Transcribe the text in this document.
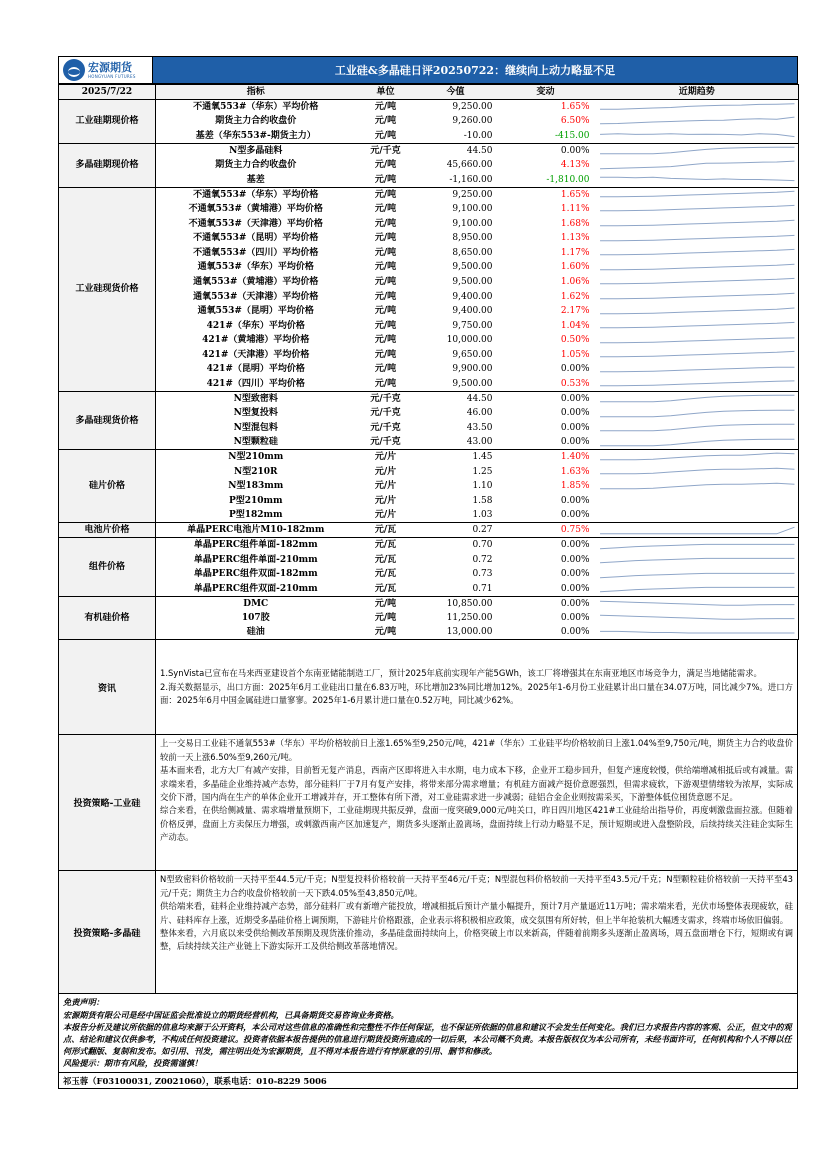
宏源期货
HONGYUAN FUTURES	工业硅&多晶硅日评20250722：继续向上动力略显不足
2025/7/22	指标	单位	今值	变动	近期趋势
工业硅期现价格	不通氧553#（华东）平均价格	元/吨	9,250.00	1.65%	

	期货主力合约收盘价	元/吨	9,260.00	6.50%	

	基差（华东553#-期货主力）	元/吨	-10.00	-415.00	

多晶硅期现价格	N型多晶硅料	元/千克	44.50	0.00%	

	期货主力合约收盘价	元/吨	45,660.00	4.13%	

	基差	元/吨	-1,160.00	-1,810.00	

工业硅现货价格	不通氧553#（华东）平均价格	元/吨	9,250.00	1.65%	

	不通氧553#（黄埔港）平均价格	元/吨	9,100.00	1.11%	

	不通氧553#（天津港）平均价格	元/吨	9,100.00	1.68%	

	不通氧553#（昆明）平均价格	元/吨	8,950.00	1.13%	

	不通氧553#（四川）平均价格	元/吨	8,650.00	1.17%	

	通氧553#（华东）平均价格	元/吨	9,500.00	1.60%	

	通氧553#（黄埔港）平均价格	元/吨	9,500.00	1.06%	

	通氧553#（天津港）平均价格	元/吨	9,400.00	1.62%	

	通氧553#（昆明）平均价格	元/吨	9,400.00	2.17%	

	421#（华东）平均价格	元/吨	9,750.00	1.04%	

	421#（黄埔港）平均价格	元/吨	10,000.00	0.50%	

	421#（天津港）平均价格	元/吨	9,650.00	1.05%	

	421#（昆明）平均价格	元/吨	9,900.00	0.00%	

	421#（四川）平均价格	元/吨	9,500.00	0.53%	

多晶硅现货价格	N型致密料	元/千克	44.50	0.00%	

	N型复投料	元/千克	46.00	0.00%	

	N型混包料	元/千克	43.50	0.00%	

	N型颗粒硅	元/千克	43.00	0.00%	

硅片价格	N型210mm	元/片	1.45	1.40%	

	N型210R	元/片	1.25	1.63%	

	N型183mm	元/片	1.10	1.85%	

	P型210mm	元/片	1.58	0.00%	
	P型182mm	元/片	1.03	0.00%	
电池片价格	单晶PERC电池片M10-182mm	元/瓦	0.27	0.75%	

组件价格	单晶PERC组件单面-182mm	元/瓦	0.70	0.00%	

	单晶PERC组件单面-210mm	元/瓦	0.72	0.00%	

	单晶PERC组件双面-182mm	元/瓦	0.73	0.00%	

	单晶PERC组件双面-210mm	元/瓦	0.71	0.00%	

有机硅价格	DMC	元/吨	10,850.00	0.00%	

	107胶	元/吨	11,250.00	0.00%	

	硅油	元/吨	13,000.00	0.00%	
资讯

1.SynVista已宣布在马来西亚建设首个东南亚储能制造工厂，预计2025年底前实现年产能5GWh，该工厂将增强其在东南亚地区市场竞争力，满足当地储能需求。

2.海关数据显示，出口方面：2025年6月工业硅出口量在6.83万吨，环比增加23%同比增加12%。2025年1-6月份工业硅累计出口量在34.07万吨，同比减少7%。进口方面：2025年6月中国金属硅进口量寥寥。2025年1-6月累计进口量在0.52万吨，同比减少62%。

投资策略-工业硅

上一交易日工业硅不通氧553#（华东）平均价格较前日上涨1.65%至9,250元/吨，421#（华东）工业硅平均价格较前日上涨1.04%至9,750元/吨，期货主力合约收盘价较前一天上涨6.50%至9,260元/吨。

基本面来看，北方大厂有减产安排，目前暂无复产消息，西南产区即将进入丰水期，电力成本下移，企业开工稳步回升，但复产速度较慢，供给端增减相抵后或有减量。需求端来看，多晶硅企业维持减产态势，部分硅料厂于7月有复产安排，将带来部分需求增量；有机硅方面减产挺价意愿强烈，但需求疲软，下游观望情绪较为浓厚，实际成交价下滑，国内尚在生产的单体企业开工增减并存，开工整体有所下滑，对工业硅需求进一步减弱；硅铝合金企业则按需采买，下游整体低位囤货意愿不足。

综合来看，在供给侧减量、需求端增量预期下，工业硅期现共振反弹，盘面一度突破9,000元/吨关口，昨日四川地区421#工业硅给出指导价，再度刺激盘面拉涨。但随着价格反弹，盘面上方卖保压力增强，或刺激西南产区加速复产，期货多头逐渐止盈离场，盘面持续上行动力略显不足，预计短期或进入盘整阶段，后续持续关注硅企实际生产动态。

投资策略-多晶硅

N型致密料价格较前一天持平至44.5元/千克；N型复投料价格较前一天持平至46元/千克；N型混包料价格较前一天持平至43.5元/千克；N型颗粒硅价格较前一天持平至43元/千克；期货主力合约收盘价格较前一天下跌4.05%至43,850元/吨。

供给端来看，硅料企业维持减产态势，部分硅料厂或有新增产能投放，增减相抵后预计产量小幅提升，预计7月产量逼近11万吨；需求端来看，光伏市场整体表现疲软，硅片、硅料库存上涨，近期受多晶硅价格上调预期，下游硅片价格跟涨，企业表示将积极相应政策，成交氛围有所好转，但上半年抢装机大幅透支需求，终端市场依旧偏弱。

整体来看，六月底以来受供给侧改革预期及现货涨价推动，多晶硅盘面持续向上，价格突破上市以来新高，伴随着前期多头逐渐止盈离场，周五盘面增仓下行，短期或有调整，后续持续关注产业链上下游实际开工及供给侧改革落地情况。

免责声明：
宏源期货有限公司是经中国证监会批准设立的期货经营机构，已具备期货交易咨询业务资格。
本报告分析及建议所依据的信息均来源于公开资料，本公司对这些信息的准确性和完整性不作任何保证，也不保证所依据的信息和建议不会发生任何变化。我们已力求报告内容的客观、公正，但文中的观点、结论和建议仅供参考，不构成任何投资建议。投资者依据本报告提供的信息进行期货投资所造成的一切后果，本公司概不负责。本报告版权仅为本公司所有，未经书面许可，任何机构和个人不得以任何形式翻版、复制和发布。如引用、刊发，需注明出处为宏源期货，且不得对本报告进行有悖原意的引用、删节和修改。
风险提示：期市有风险，投资需谨慎！
祁玉蓉（F03100031, Z0021060），联系电话：010-8229 5006
